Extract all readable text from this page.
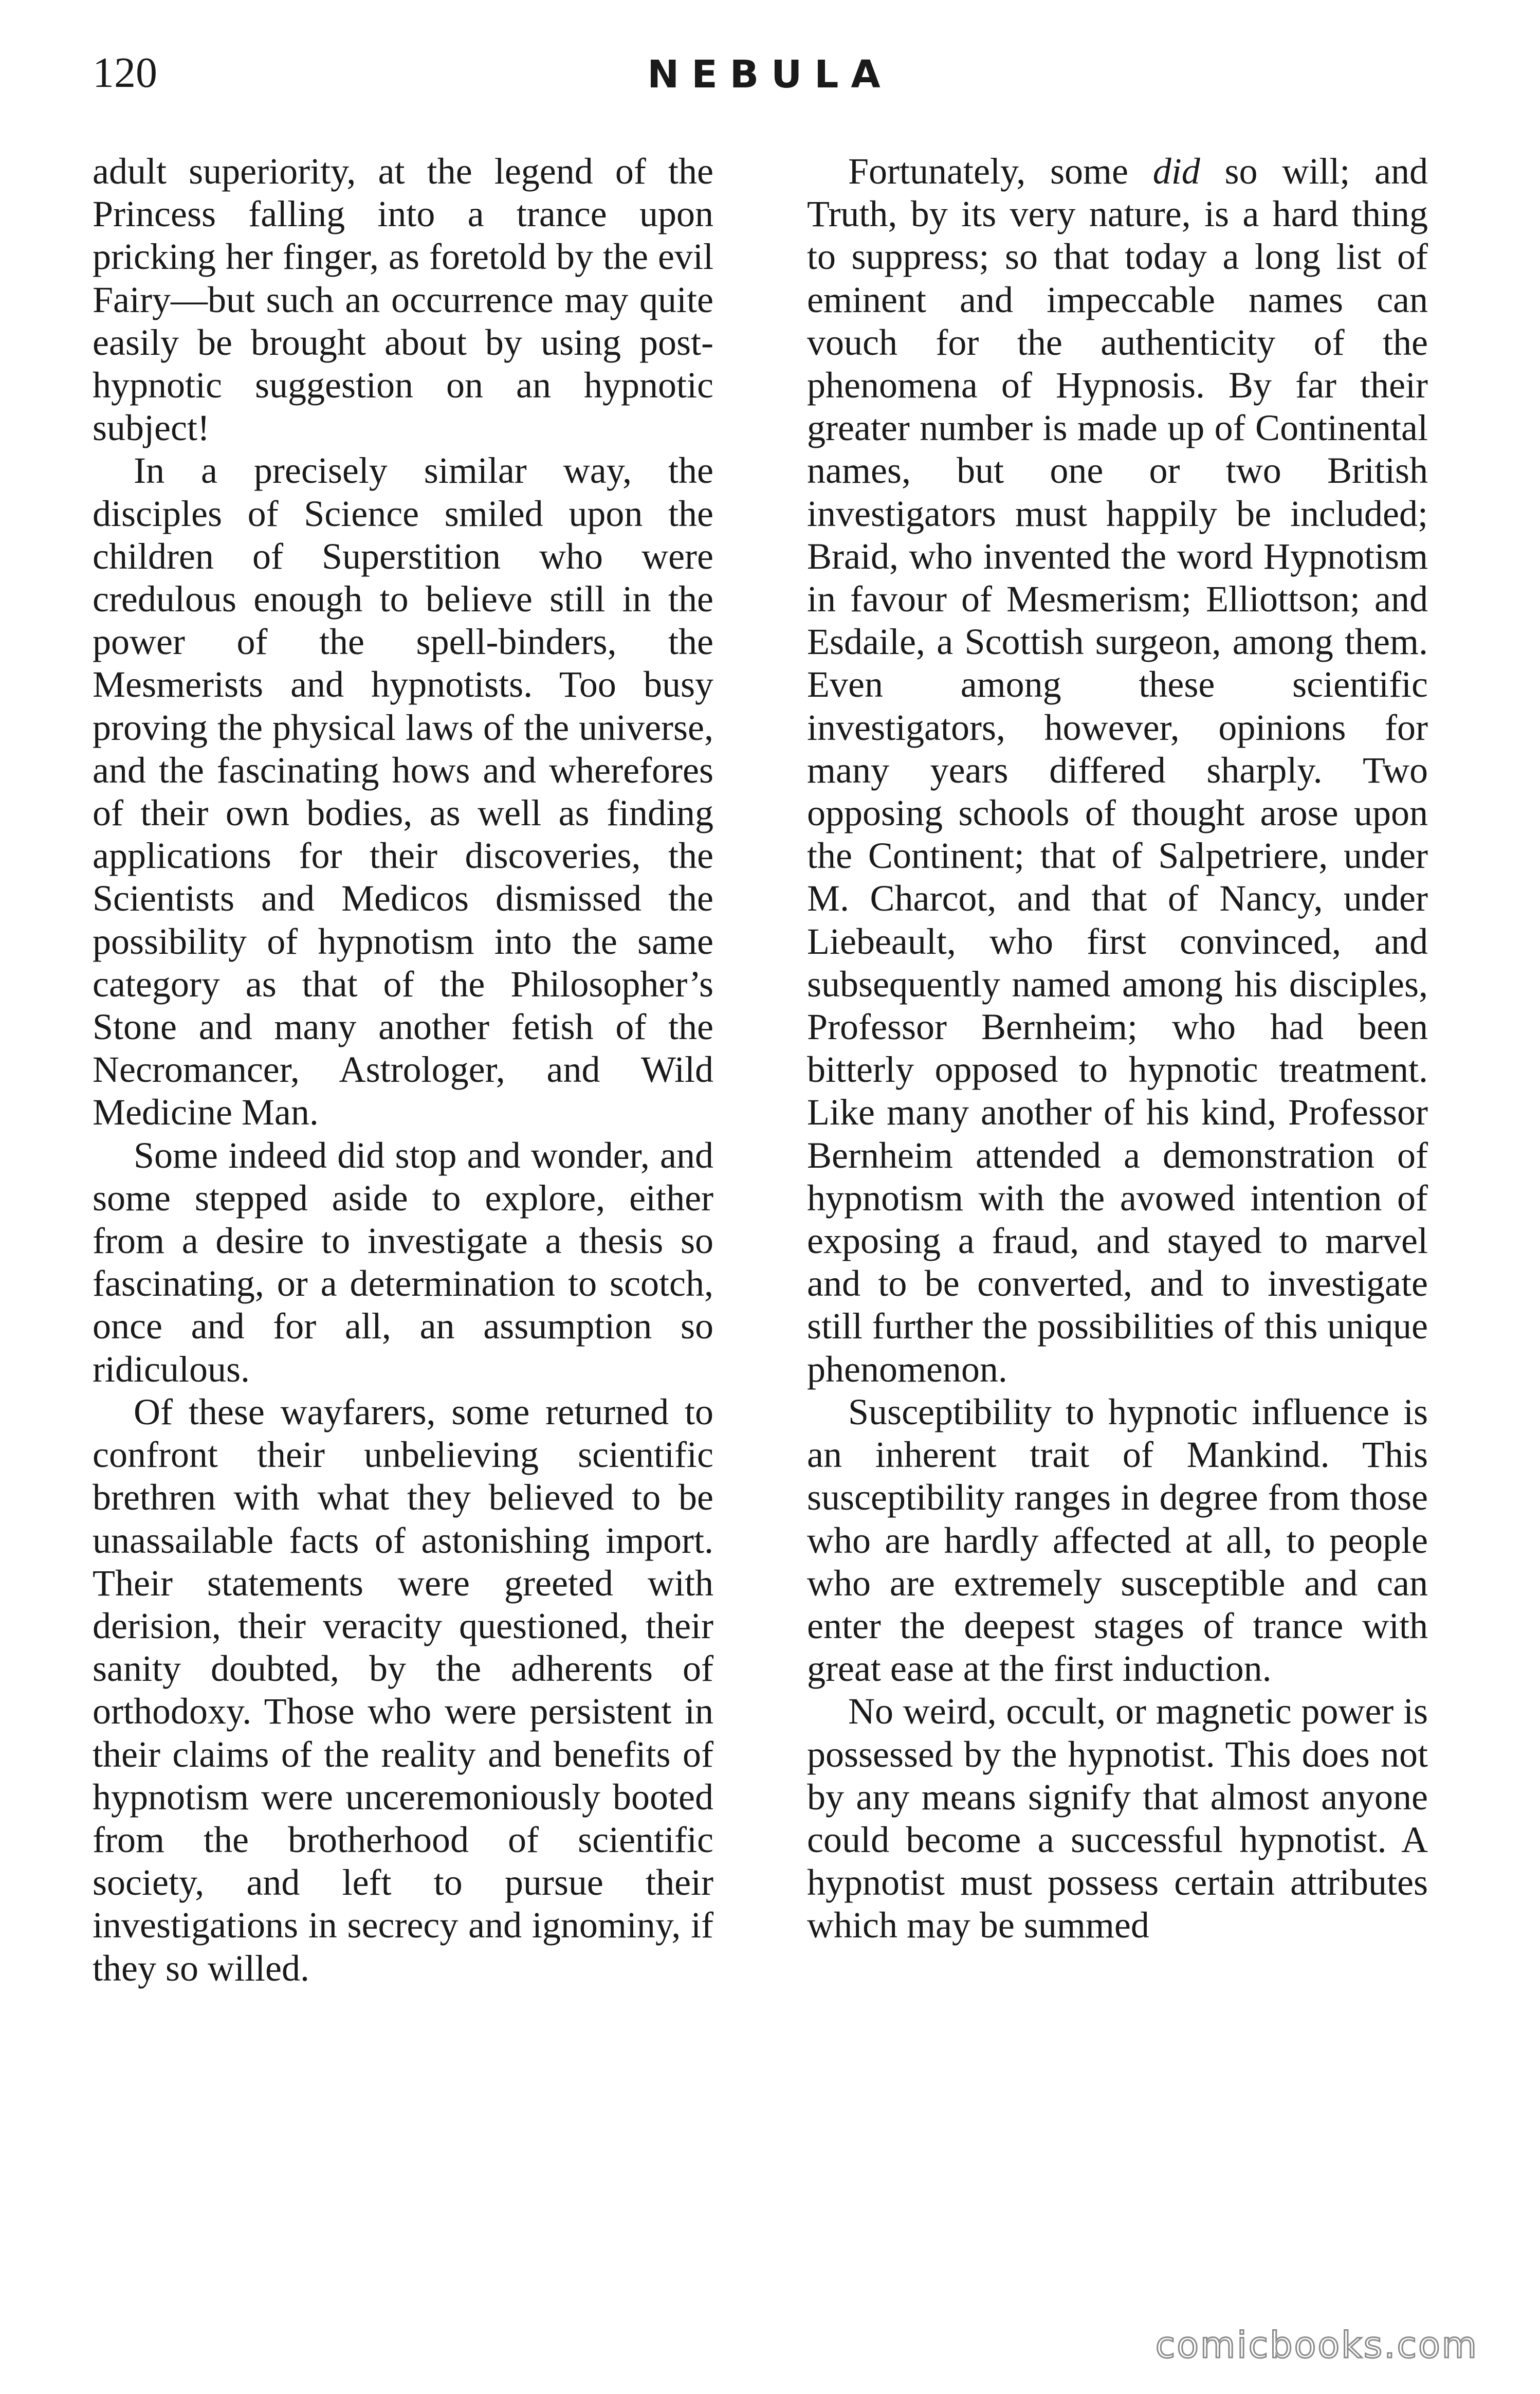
120	NEBULA

adult superiority, at the legend of the Princess falling into a trance upon pricking her finger, as foretold by the evil Fairy—but such an occurrence may quite easily be brought about by using post-hypnotic suggestion on an hypnotic subject!

In a precisely similar way, the disciples of Science smiled upon the children of Superstition who were credulous enough to believe still in the power of the spell-binders, the Mesmerists and hypnotists. Too busy proving the physical laws of the universe, and the fascinating hows and wherefores of their own bodies, as well as finding applications for their discoveries, the Scientists and Medicos dismissed the possibility of hypnotism into the same category as that of the Philosopher’s Stone and many another fetish of the Necromancer, Astrologer, and Wild Medicine Man.

Some indeed did stop and wonder, and some stepped aside to explore, either from a desire to investigate a thesis so fascinating, or a determination to scotch, once and for all, an assumption so ridiculous.

Of these wayfarers, some returned to confront their unbelieving scientific brethren with what they believed to be unassailable facts of astonishing import. Their statements were greeted with derision, their veracity questioned, their sanity doubted, by the adherents of orthodoxy. Those who were persistent in their claims of the reality and benefits of hypnotism were unceremoniously booted from the brotherhood of scientific society, and left to pursue their investigations in secrecy and ignominy, if they so willed.

Fortunately, some did so will; and Truth, by its very nature, is a hard thing to suppress; so that today a long list of eminent and impeccable names can vouch for the authenticity of the phenomena of Hypnosis. By far their greater number is made up of Continental names, but one or two British investigators must happily be included; Braid, who invented the word Hypnotism in favour of Mesmerism; Elliottson; and Esdaile, a Scottish surgeon, among them. Even among these scientific investigators, however, opinions for many years differed sharply. Two opposing schools of thought arose upon the Continent; that of Salpetriere, under M. Charcot, and that of Nancy, under Liebeault, who first convinced, and subsequently named among his disciples, Professor Bernheim; who had been bitterly opposed to hypnotic treatment. Like many another of his kind, Professor Bernheim attended a demonstration of hypnotism with the avowed intention of exposing a fraud, and stayed to marvel and to be converted, and to investigate still further the possibilities of this unique phenomenon.

Susceptibility to hypnotic influence is an inherent trait of Mankind. This susceptibility ranges in degree from those who are hardly affected at all, to people who are extremely susceptible and can enter the deepest stages of trance with great ease at the first induction.

No weird, occult, or magnetic power is possessed by the hypnotist. This does not by any means signify that almost anyone could become a successful hypnotist. A hypnotist must possess certain attributes which may be summed

comicbooks.com
